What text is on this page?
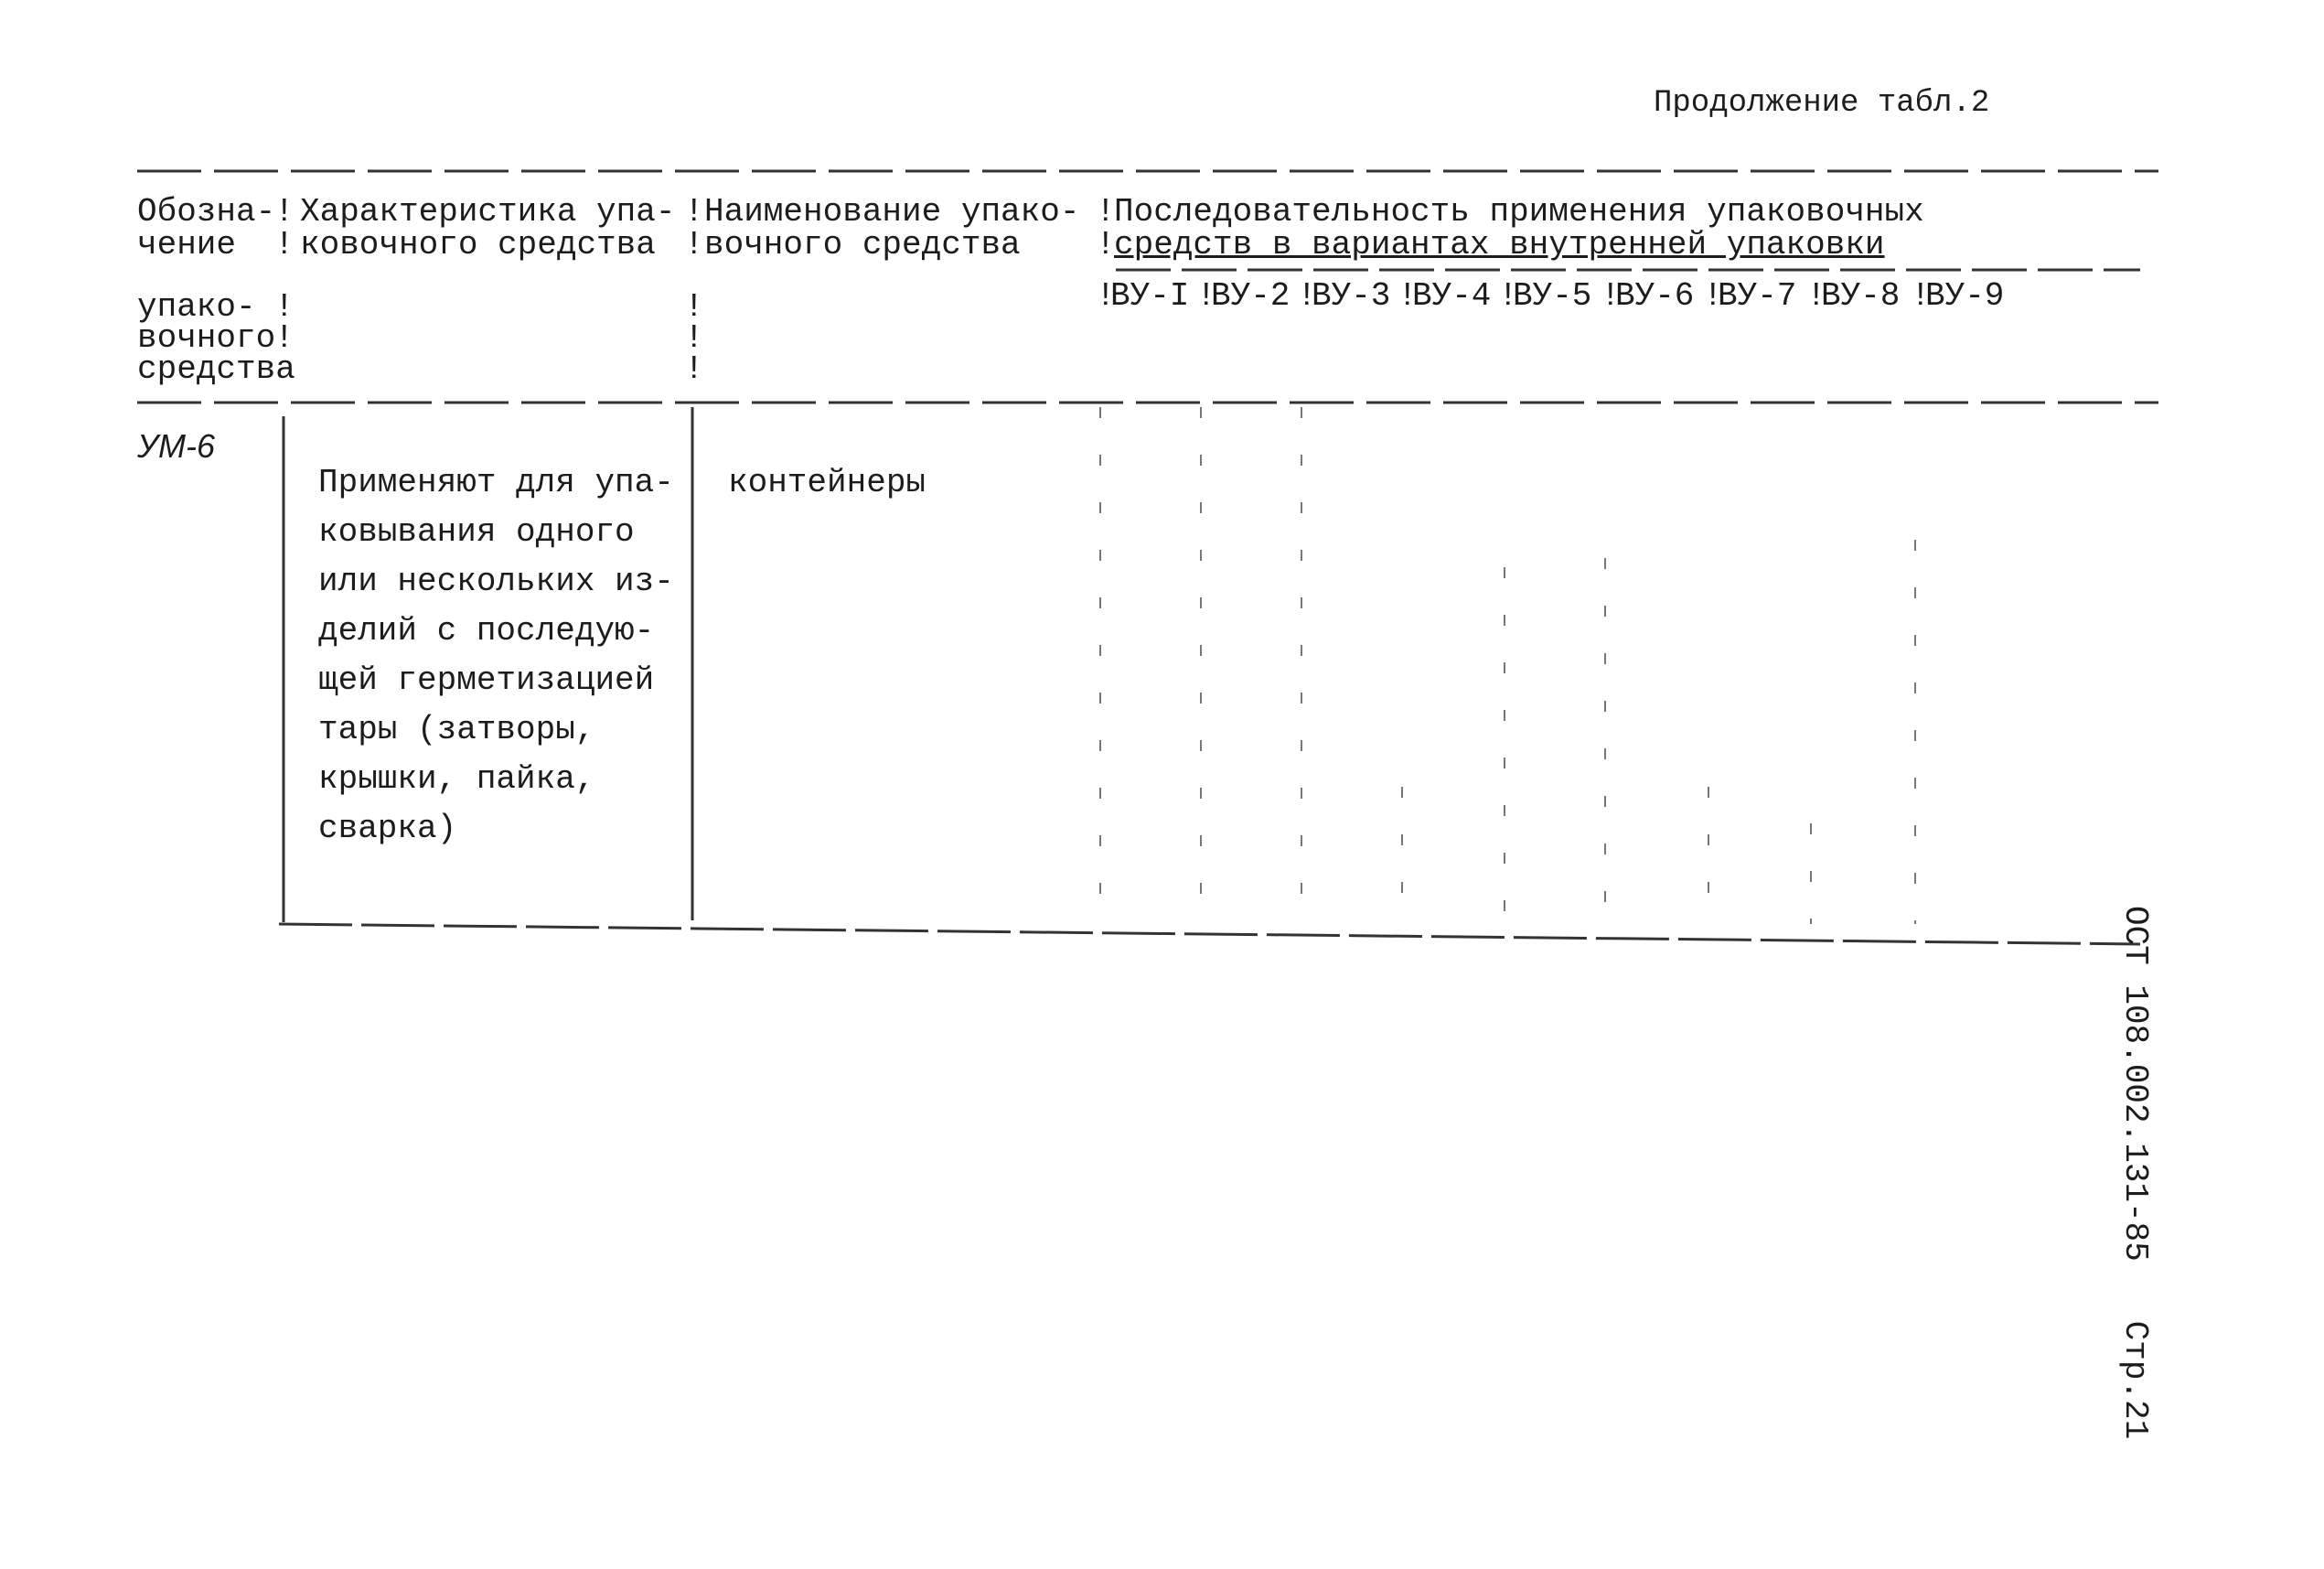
Продолжение табл.2
Обозна-
чение
упако-
вочного
средства
Характеристика упа-
ковочного средства
Наименование упако-
вочного средства
Последовательность применения упаковочных
средств в вариантах внутренней упаковки
!
!
!
!
!
!
!
!
!
!
!
!
ВУ-I !
ВУ-2 !
ВУ-3 !
ВУ-4 !
ВУ-5 !
ВУ-6 !
ВУ-7 !
ВУ-8 !
ВУ-9
УМ-6
Применяют для упа-
ковывания одного
или нескольких из-
делий с последую-
щей герметизацией
тары (затворы,
крышки, пайка,
сварка)
контейнеры
ОСТ 108.002.131-85   Стр.21
